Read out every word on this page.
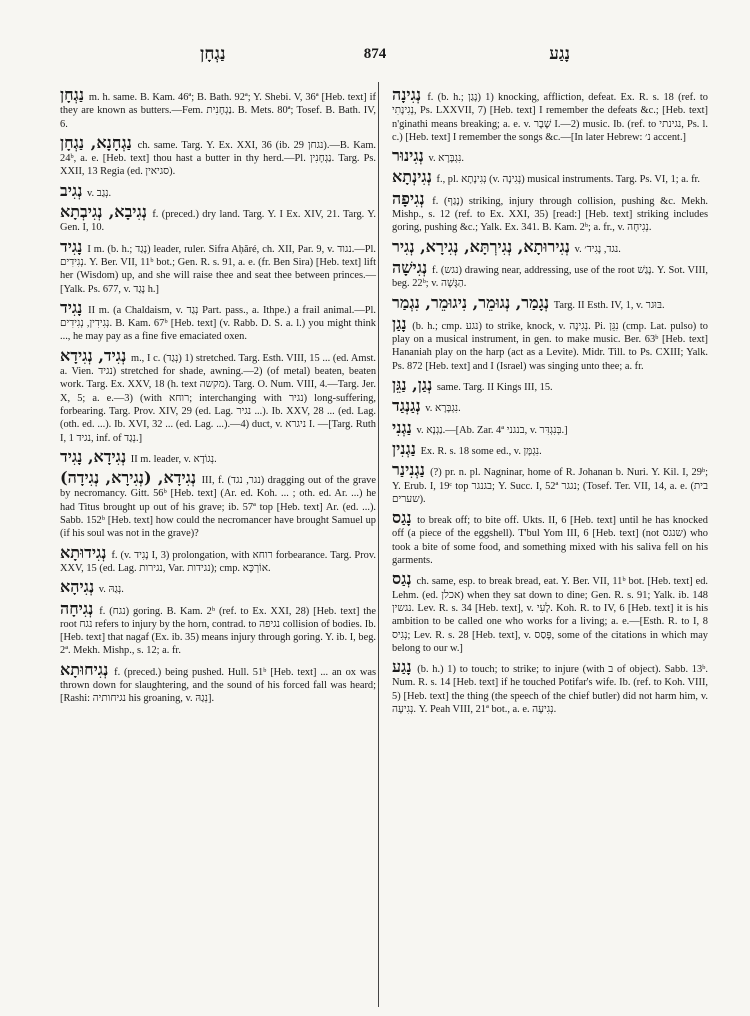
נַגְחָן	874	נָגַע

נַגְחָן m. h. same. B. Kam. 46ª; B. Bath. 92ª; Y. Shebi. V, 36ª [Heb. text] if they are known as butters.—Fem. נַגְחָנִית. B. Mets. 80ª; Tosef. B. Bath. IV, 6.

נַגְחָנָא, נַגְחָן ch. same. Targ. Y. Ex. XXI, 36 (ib. 29 נגחן).—B. Kam. 24ᵇ, a. e. [Heb. text] thou hast a butter in thy herd.—Pl. נַגְחָנִין. Targ. Ps. XXII, 13 Regia (ed. סגיאין).

נְגִיב v. נְגַב.

נְגִיבָא, נְגִיבְתָא f. (preced.) dry land. Targ. Y. I Ex. XIV, 21. Targ. Y. Gen. I, 10.

נָגִיד I m. (b. h.; נָגַד) leader, ruler. Sifra Aḥăré, ch. XII, Par. 9, v. נגוד.—Pl. נְגִידִים. Y. Ber. VII, 11ᵇ bot.; Gen. R. s. 91, a. e. (fr. Ben Sira) [Heb. text] lift her (Wisdom) up, and she will raise thee and seat thee between princes.—[Yalk. Ps. 677, v. נָגַד h.]

נָגִיד II m. (a Chaldaism, v. נְגַד Part. pass., a. Ithpe.) a frail animal.—Pl. נְגִידִין, נְגִידִים. B. Kam. 67ᵇ [Heb. text] (v. Rabb. D. S. a. l.) you might think ..., he may pay as a fine five emaciated oxen.

נְגִיד, נְגִידָא m., I c. (נְגַד) 1) stretched. Targ. Esth. VIII, 15 ... (ed. Amst. a. Vien. נגיד) stretched for shade, awning.—2) (of metal) beaten, beaten work. Targ. Ex. XXV, 18 (h. text מקשה). Targ. O. Num. VIII, 4.—Targ. Jer. X, 5; a. e.—3) (with רוחא; interchanging with נגיר) long-suffering, forbearing. Targ. Prov. XIV, 29 (ed. Lag. נגיר ...). Ib. XXV, 28 ... (ed. Lag. (oth. ed. ...). Ib. XVI, 32 ... (ed. Lag. ...).—4) duct, v. ניגרא I. —[Targ. Ruth I, 1 נגיד, inf. of נְגַד.]

נְגִידָא, נָגִיד II m. leader, v. נְגוֹדָא.

נְגִידָא, (נְגִירָא, נְגִידָה) III, f. (נגר, נגד) dragging out of the grave by necromancy. Gitt. 56ᵇ [Heb. text] (Ar. ed. Koh. ... ; oth. ed. Ar. ...) he had Titus brought up out of his grave; ib. 57ª top [Heb. text] Ar. (ed. ...). Sabb. 152ᵇ [Heb. text] how could the necromancer have brought Samuel up (if his soul was not in the grave)?

נְגִידוּתָא f. (v. נָגִיד I, 3) prolongation, with רוחא forbearance. Targ. Prov. XXV, 15 (ed. Lag. נגירות, Var. נגידות); cmp. אוֹרְכָּא.

נְגִיהָא v. נְגַהּ.

נְגִיחָה f. (נגח) goring. B. Kam. 2ᵇ (ref. to Ex. XXI, 28) [Heb. text] the root נגח refers to injury by the horn, contrad. to נגיפה collision of bodies. Ib. [Heb. text] that nagaf (Ex. ib. 35) means injury through goring. Y. ib. I, beg. 2ª. Mekh. Mishp., s. 12; a. fr.

נְגִיחוּתָא f. (preced.) being pushed. Hull. 51ᵇ [Heb. text] ... an ox was thrown down for slaughtering, and the sound of his forced fall was heard; [Rashi: נגיחותיה his groaning, v. נְגַהּ].

נְגִינָה f. (b. h.; נָגַן) 1) knocking, affliction, defeat. Ex. R. s. 18 (ref. to נְגִינָתִי, Ps. LXXVII, 7) [Heb. text] I remember the defeats &c.; [Heb. text] n'ginathi means breaking; a. e. v. שֶׁבֶר I.—2) music. Ib. (ref. to נגינתי, Ps. l. c.) [Heb. text] I remember the songs &c.—[In later Hebrew: נ׳ accent.]

נְגִינוּר v. נִגְבָּרָא.

נְגִינְתָא f., pl. נְגִינָתָא (v. נְגִינָה) musical instruments. Targ. Ps. VI, 1; a. fr.

נְגִיפָה f. (נָגַף) striking, injury through collision, pushing &c. Mekh. Mishp., s. 12 (ref. to Ex. XXI, 35) [read:] [Heb. text] striking includes goring, pushing &c.; Yalk. Ex. 341. B. Kam. 2ᵇ; a. fr., v. נְגִיחָה.

נְגִירוּתָא, נְגִירְתָּא, נְגִירָא, נְגִיר v. נגד, נָגִיד׳.

נְגִישָׁה f. (נגש) drawing near, addressing, use of the root נָגַשׁ. Y. Sot. VIII, beg. 22ᵇ; v. הַגָּשָׁה.

נְגָמַר, נְגוּמֵר, נִיגוּמֵר, נִגְמַר Targ. II Esth. IV, 1, v. בּוּגר.

נָגַן (b. h.; cmp. נגע) to strike, knock, v. נְגִינָה. Pi. נִגֵּן (cmp. Lat. pulso) to play on a musical instrument, in gen. to make music. Ber. 63ᵇ [Heb. text] Hananiah play on the harp (act as a Levite). Midr. Till. to Ps. CXIII; Yalk. Ps. 872 [Heb. text] and I (Israel) was singing unto thee; a. fr.

נְגַן, נַגֵּן same. Targ. II Kings III, 15.

נְגַנְגַד v. נִגְבָּרָא.

נַגְנִי v. נַגְנָא.—[Ab. Zar. 4ª בנגני, v. בְּנִגְדִּר.]

נַגְנִין Ex. R. s. 18 some ed., v. נִגְמָּן.

נַגְנִינַר (?) pr. n. pl. Nagninar, home of R. Johanan b. Nuri. Y. Kil. I, 29ᵇ; Y. Erub. I, 19ᶜ top בגנגר; Y. Succ. I, 52ª נגגר; (Tosef. Ter. VII, 14, a. e. (בית שערים).

נָגַס to break off; to bite off. Ukts. II, 6 [Heb. text] until he has knocked off (a piece of the eggshell). T'bul Yom III, 6 [Heb. text] (not שנגס) who took a bite of some food, and something mixed with his saliva fell on his garments.

נְגַס ch. same, esp. to break bread, eat. Y. Ber. VII, 11ᵇ bot. [Heb. text] ed. Lehm. (ed. אכלן) when they sat down to dine; Gen. R. s. 91; Yalk. ib. 148 נגשין. Lev. R. s. 34 [Heb. text], v. לָעִי. Koh. R. to IV, 6 [Heb. text] it is his ambition to be called one who works for a living; a. e.—[Esth. R. to I, 8 נְגִיס; Lev. R. s. 28 [Heb. text], v. פָּסַס, some of the citations in which may belong to our w.]

נָגַע (b. h.) 1) to touch; to strike; to injure (with ב of object). Sabb. 13ᵇ. Num. R. s. 14 [Heb. text] if he touched Potifar's wife. Ib. (ref. to Koh. VIII, 5) [Heb. text] the thing (the speech of the chief butler) did not harm him, v. נְגִיעָה. Y. Peah VIII, 21ª bot., a. e. נְגִיעָה.
